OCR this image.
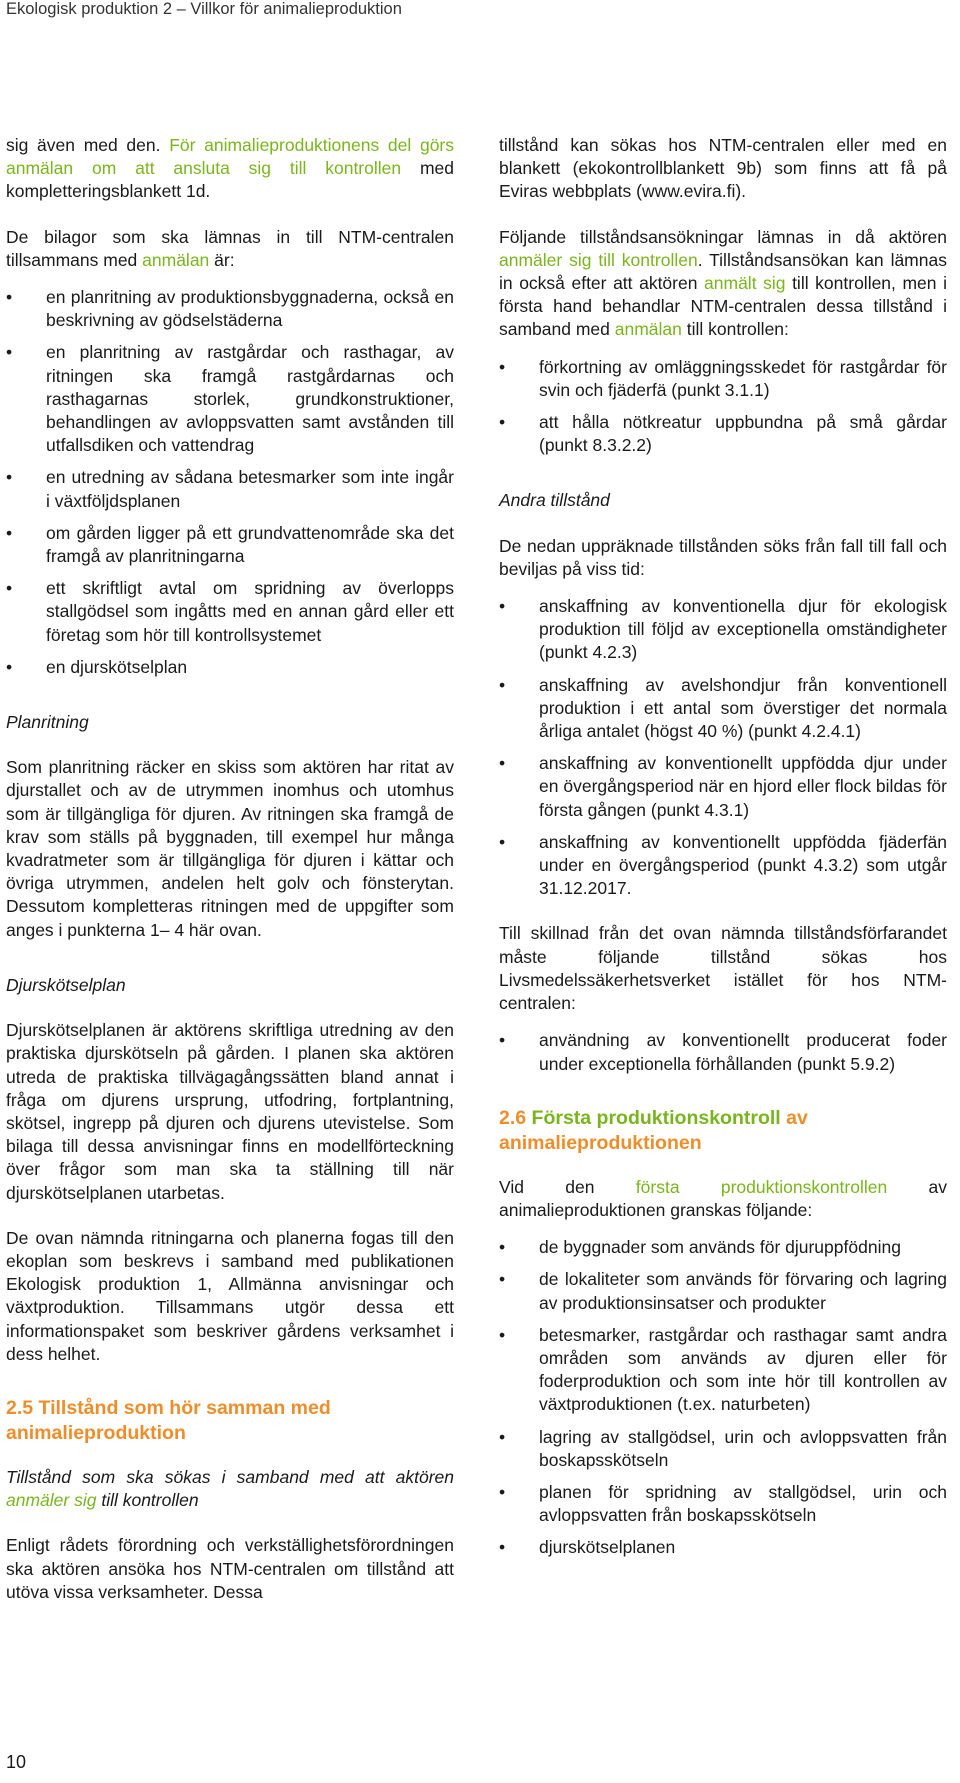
Ekologisk produktion 2 – Villkor för animalieproduktion

sig även med den. För animalieproduktionens del görs anmälan om att ansluta sig till kontrollen med kompletteringsblankett 1d.

De bilagor som ska lämnas in till NTM-centralen tillsammans med anmälan är:

• en planritning av produktionsbyggnaderna, också en beskrivning av gödselstäderna
• en planritning av rastgårdar och rasthagar, av ritningen ska framgå rastgårdarnas och rasthagarnas storlek, grundkonstruktioner, behandlingen av avloppsvatten samt avstånden till utfallsdiken och vattendrag
• en utredning av sådana betesmarker som inte ingår i växtföljdsplanen
• om gården ligger på ett grundvattenområde ska det framgå av planritningarna
• ett skriftligt avtal om spridning av överlopps stallgödsel som ingåtts med en annan gård eller ett företag som hör till kontrollsystemet
• en djurskötselplan
Planritning

Som planritning räcker en skiss som aktören har ritat av djurstallet och av de utrymmen inomhus och utomhus som är tillgängliga för djuren. Av ritningen ska framgå de krav som ställs på byggnaden, till exempel hur många kvadratmeter som är tillgängliga för djuren i kättar och övriga utrymmen, andelen helt golv och fönsterytan. Dessutom kompletteras ritningen med de uppgifter som anges i punkterna 1– 4 här ovan.

Djurskötselplan

Djurskötselplanen är aktörens skriftliga utredning av den praktiska djurskötseln på gården. I planen ska aktören utreda de praktiska tillvägagångssätten bland annat i fråga om djurens ursprung, utfodring, fortplantning, skötsel, ingrepp på djuren och djurens utevistelse. Som bilaga till dessa anvisningar finns en modellförteckning över frågor som man ska ta ställning till när djurskötselplanen utarbetas.

De ovan nämnda ritningarna och planerna fogas till den ekoplan som beskrevs i samband med publikationen Ekologisk produktion 1, Allmänna anvisningar och växtproduktion. Tillsammans utgör dessa ett informationspaket som beskriver gårdens verksamhet i dess helhet.

2.5 Tillstånd som hör samman med animalieproduktion

Tillstånd som ska sökas i samband med att aktören anmäler sig till kontrollen

Enligt rådets förordning och verkställighetsförordningen ska aktören ansöka hos NTM-centralen om tillstånd att utöva vissa verksamheter. Dessa

tillstånd kan sökas hos NTM-centralen eller med en blankett (ekokontrollblankett 9b) som finns att få på Eviras webbplats (www.evira.fi).

Följande tillståndsansökningar lämnas in då aktören anmäler sig till kontrollen. Tillståndsansökan kan lämnas in också efter att aktören anmält sig till kontrollen, men i första hand behandlar NTM-centralen dessa tillstånd i samband med anmälan till kontrollen:

• förkortning av omläggningsskedet för rastgårdar för svin och fjäderfä (punkt 3.1.1)
• att hålla nötkreatur uppbundna på små gårdar (punkt 8.3.2.2)
Andra tillstånd

De nedan uppräknade tillstånden söks från fall till fall och beviljas på viss tid:

• anskaffning av konventionella djur för ekologisk produktion till följd av exceptionella omständigheter (punkt 4.2.3)
• anskaffning av avelshondjur från konventionell produktion i ett antal som överstiger det normala årliga antalet (högst 40 %) (punkt 4.2.4.1)
• anskaffning av konventionellt uppfödda djur under en övergångsperiod när en hjord eller flock bildas för första gången (punkt 4.3.1)
• anskaffning av konventionellt uppfödda fjäderfän under en övergångsperiod (punkt 4.3.2) som utgår 31.12.2017.

Till skillnad från det ovan nämnda tillståndsförfarandet måste följande tillstånd sökas hos Livsmedelssäkerhetsverket istället för hos NTM-centralen:

• användning av konventionellt producerat foder under exceptionella förhållanden (punkt 5.9.2)
2.6 Första produktionskontroll av animalieproduktionen

Vid den första produktionskontrollen av animalieproduktionen granskas följande:

• de byggnader som används för djuruppfödning
• de lokaliteter som används för förvaring och lagring av produktionsinsatser och produkter
• betesmarker, rastgårdar och rasthagar samt andra områden som används av djuren eller för foderproduktion och som inte hör till kontrollen av växtproduktionen (t.ex. naturbeten)
• lagring av stallgödsel, urin och avloppsvatten från boskapsskötseln
• planen för spridning av stallgödsel, urin och avloppsvatten från boskapsskötseln
• djurskötselplanen
10
